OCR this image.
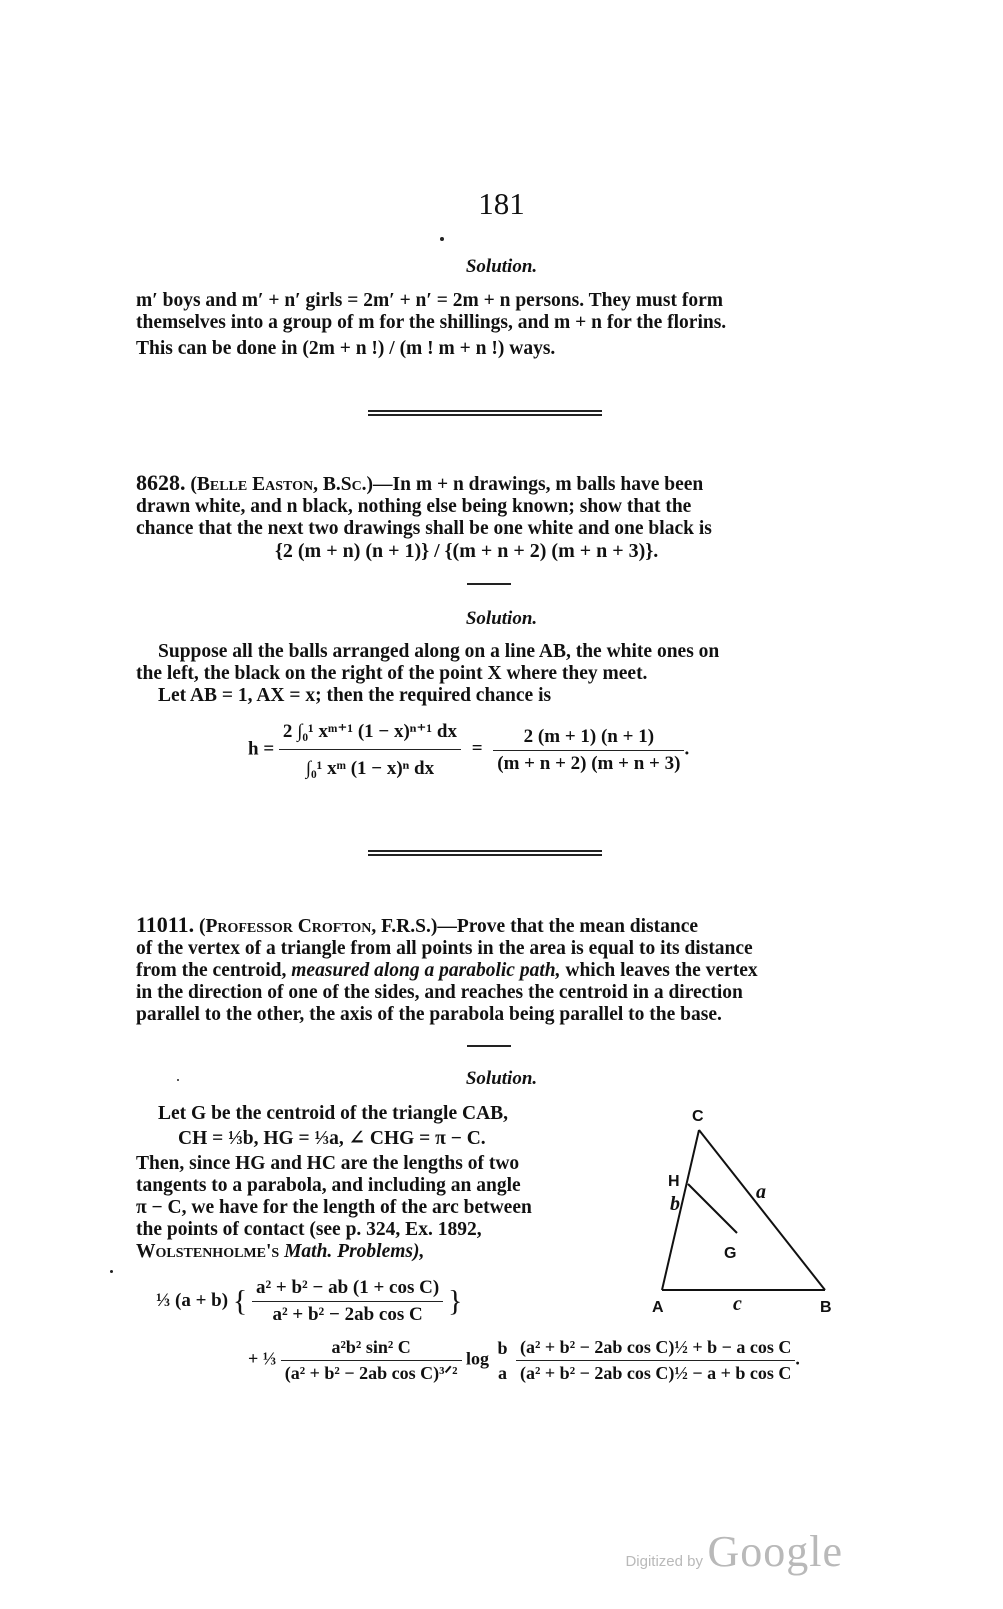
181
Solution.
m′ boys and m′ + n′ girls = 2m′ + n′ = 2m + n persons. They must form
themselves into a group of m for the shillings, and m + n for the florins.
This can be done in (2m + n !) / (m ! m + n !) ways.
8628. (Belle Easton, B.Sc.)—In m + n drawings, m balls have been
drawn white, and n black, nothing else being known; show that the
chance that the next two drawings shall be one white and one black is
{2 (m + n) (n + 1)} / {(m + n + 2) (m + n + 3)}.
Solution.
Suppose all the balls arranged along on a line AB, the white ones on
the left, the black on the right of the point X where they meet.
Let AB = 1, AX = x; then the required chance is
$h = \frac{\text{2 ∫₀¹ xᵐ⁺¹ (1 − x)ⁿ⁺¹ dx}}{\text{∫₀¹ xᵐ (1 − x)ⁿ dx}} = \frac{2 (m + 1) (n + 1)}{(m + n + 2) (m + n + 3)}$ .
11011. (Professor Crofton, F.R.S.)—Prove that the mean distance
of the vertex of a triangle from all points in the area is equal to its distance
from the centroid, measured along a parabolic path, which leaves the vertex
in the direction of one of the sides, and reaches the centroid in a direction
parallel to the other, the axis of the parabola being parallel to the base.
Solution.
Let G be the centroid of the triangle CAB,
CH = ⅓b, HG = ⅓a, ∠ CHG = π − C.
Then, since HG and HC are the lengths of two
tangents to a parabola, and including an angle
π − C, we have for the length of the arc between
the points of contact (see p. 324, Ex. 1892,
Wolstenholme's Math. Problems),
C
H
b
a
G
A	c	B
⅓ (a + b) { $\frac{\text{a² + b² − ab (1 + cos C)}}{\text{a² + b² − 2ab cos C}}$ }
+ ⅓ $\frac{\text{a²b² sin² C}}{\text{(a² + b² − 2ab cos C)³ᐟ²}}$ log
b
a
$\frac{\text{(a² + b² − 2ab cos C)½ + b − a cos C}}{\text{(a² + b² − 2ab cos C)½ − a + b cos C}}$ .
Digitized by Google
